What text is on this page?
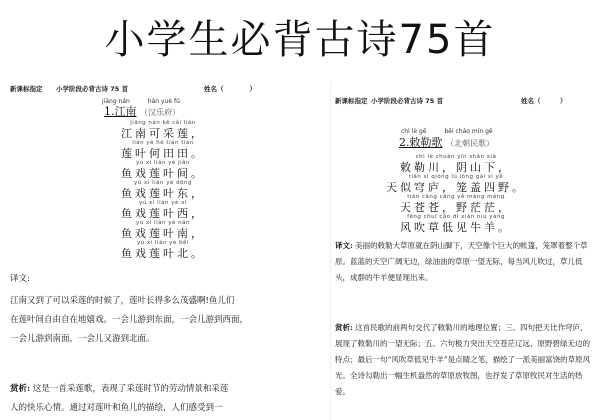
小学生必背古诗75首
新课标指定 小学阶段必背古诗 75 首	姓名（　　　　）
jiāng nán　　　hàn yuè fǔ
1.江南 （汉乐府）
jiāng nán kě cǎi lián
江南可采莲，
lián yè hé tián tián
莲叶何田田。
yú xì lián yè jiān
鱼戏莲叶间。
yú xì lián yè dōng
鱼戏莲叶东，
yú xì lián yè xī
鱼戏莲叶西，
yú xì lián yè nán
鱼戏莲叶南，
yú xì lián yè běi
鱼戏莲叶北。
译文:
江南又到了可以采莲的时候了，莲叶长得多么茂盛啊!鱼儿们
在莲叶间自由自在地嬉戏。一会儿游到东面，一会儿游到西面，
一会儿游到南面，一会儿又游到北面。
赏析: 这是一首采莲歌，表现了采莲时节的劳动情景和采莲
人的快乐心情。通过对莲叶和鱼儿的描绘，人们感受到一
新课标指定 小学阶段必背古诗 75 首	姓名（　　　）
chì lè gē　　　běi cháo mín gē
2.敕勒歌 （北朝民歌）
chì lè chuān yīn shān xià
敕勒川，阴山下，
tiān sì qióng lú lǒng gài sì yě
天似穹庐，笼盖四野。
tiān cāng cāng yě máng máng
天苍苍，野茫茫，
fēng chuī cǎo dī xiàn niú yáng
风吹草低见牛羊。
译文: 美丽的敕勒大草原就在阴山脚下，天空像个巨大的帐篷，笼罩着整个草原。蓝蓝的天空广阔无边，绿油油的草原一望无际，每当风儿吹过，草儿低头，成群的牛羊便显现出来。
赏析: 这首民歌的前两句交代了敕勒川的地理位置；三、四句把天比作穹庐，展现了敕勒川的一望无际；五、六句极力突出天空苍茫辽远，原野碧绿无边的特点；最后一句“风吹草低见牛羊”是点睛之笔，描绘了一派美丽富饶的草原风光。全诗勾勒出一幅生机盎然的草原放牧图，也抒发了草原牧民对生活的热爱。
